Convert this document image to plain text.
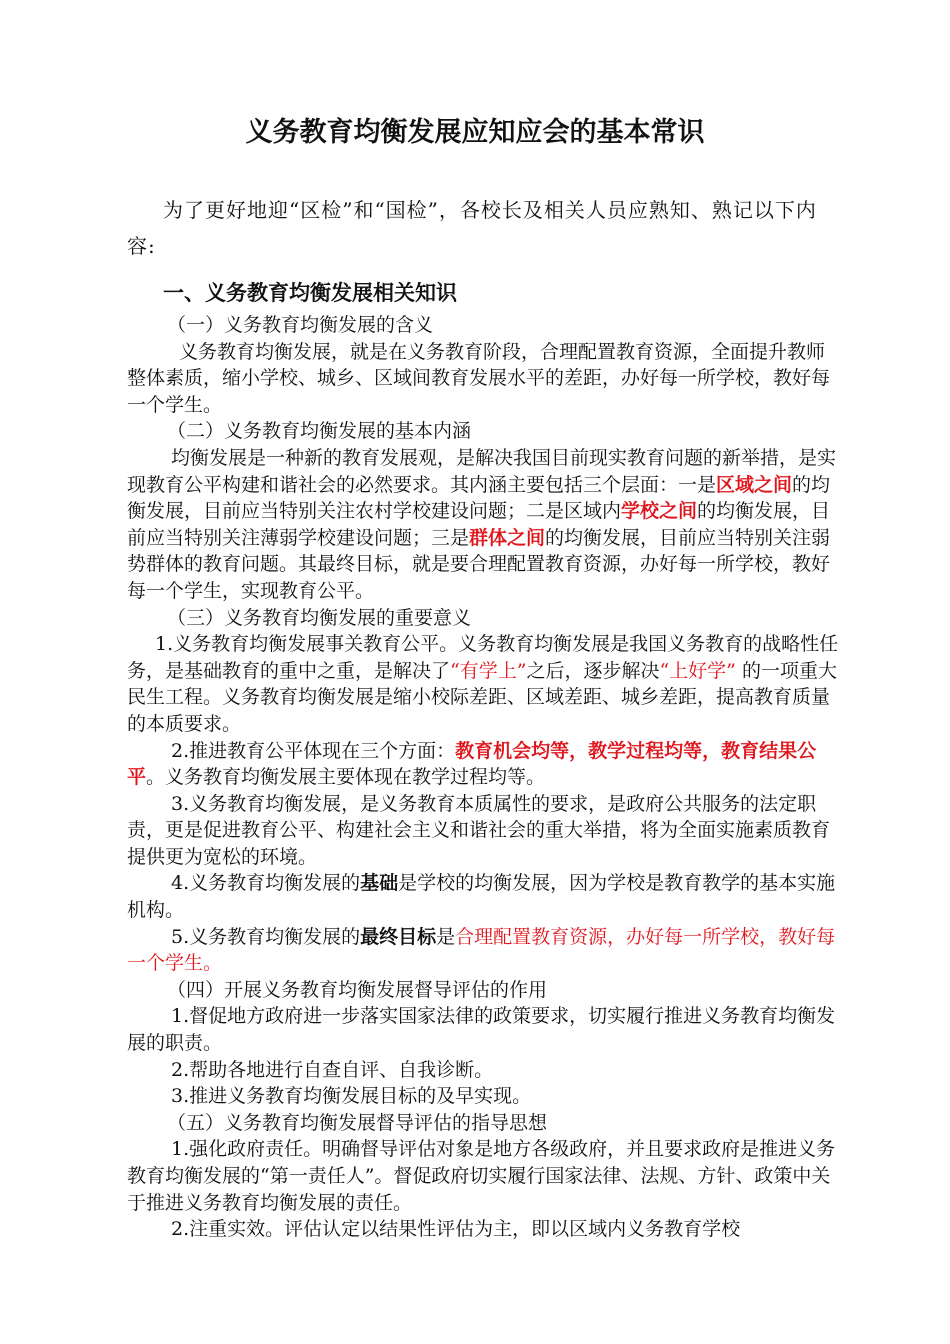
义务教育均衡发展应知应会的基本常识
为了更好地迎“区检”和“国检”，各校长及相关人员应熟知、熟记以下内容:

一、义务教育均衡发展相关知识

（一）义务教育均衡发展的含义

义务教育均衡发展，就是在义务教育阶段，合理配置教育资源，全面提升教师整体素质，缩小学校、城乡、区域间教育发展水平的差距，办好每一所学校，教好每一个学生。

（二）义务教育均衡发展的基本内涵

均衡发展是一种新的教育发展观，是解决我国目前现实教育问题的新举措，是实现教育公平构建和谐社会的必然要求。其内涵主要包括三个层面：一是区域之间的均衡发展，目前应当特别关注农村学校建设问题；二是区域内学校之间的均衡发展，目前应当特别关注薄弱学校建设问题；三是群体之间的均衡发展，目前应当特别关注弱势群体的教育问题。其最终目标，就是要合理配置教育资源，办好每一所学校，教好每一个学生，实现教育公平。

（三）义务教育均衡发展的重要意义

1.义务教育均衡发展事关教育公平。义务教育均衡发展是我国义务教育的战略性任务，是基础教育的重中之重，是解决了“有学上”之后，逐步解决“上好学” 的一项重大民生工程。义务教育均衡发展是缩小校际差距、区域差距、城乡差距，提高教育质量的本质要求。

2.推进教育公平体现在三个方面：教育机会均等，教学过程均等，教育结果公平。义务教育均衡发展主要体现在教学过程均等。

3.义务教育均衡发展，是义务教育本质属性的要求，是政府公共服务的法定职责，更是促进教育公平、构建社会主义和谐社会的重大举措，将为全面实施素质教育提供更为宽松的环境。

4.义务教育均衡发展的基础是学校的均衡发展，因为学校是教育教学的基本实施机构。

5.义务教育均衡发展的最终目标是合理配置教育资源，办好每一所学校，教好每一个学生。

（四）开展义务教育均衡发展督导评估的作用

1.督促地方政府进一步落实国家法律的政策要求，切实履行推进义务教育均衡发展的职责。

2.帮助各地进行自查自评、自我诊断。

3.推进义务教育均衡发展目标的及早实现。

（五）义务教育均衡发展督导评估的指导思想

1.强化政府责任。明确督导评估对象是地方各级政府，并且要求政府是推进义务教育均衡发展的“第一责任人”。督促政府切实履行国家法律、法规、方针、政策中关于推进义务教育均衡发展的责任。

2.注重实效。评估认定以结果性评估为主，即以区域内义务教育学校
